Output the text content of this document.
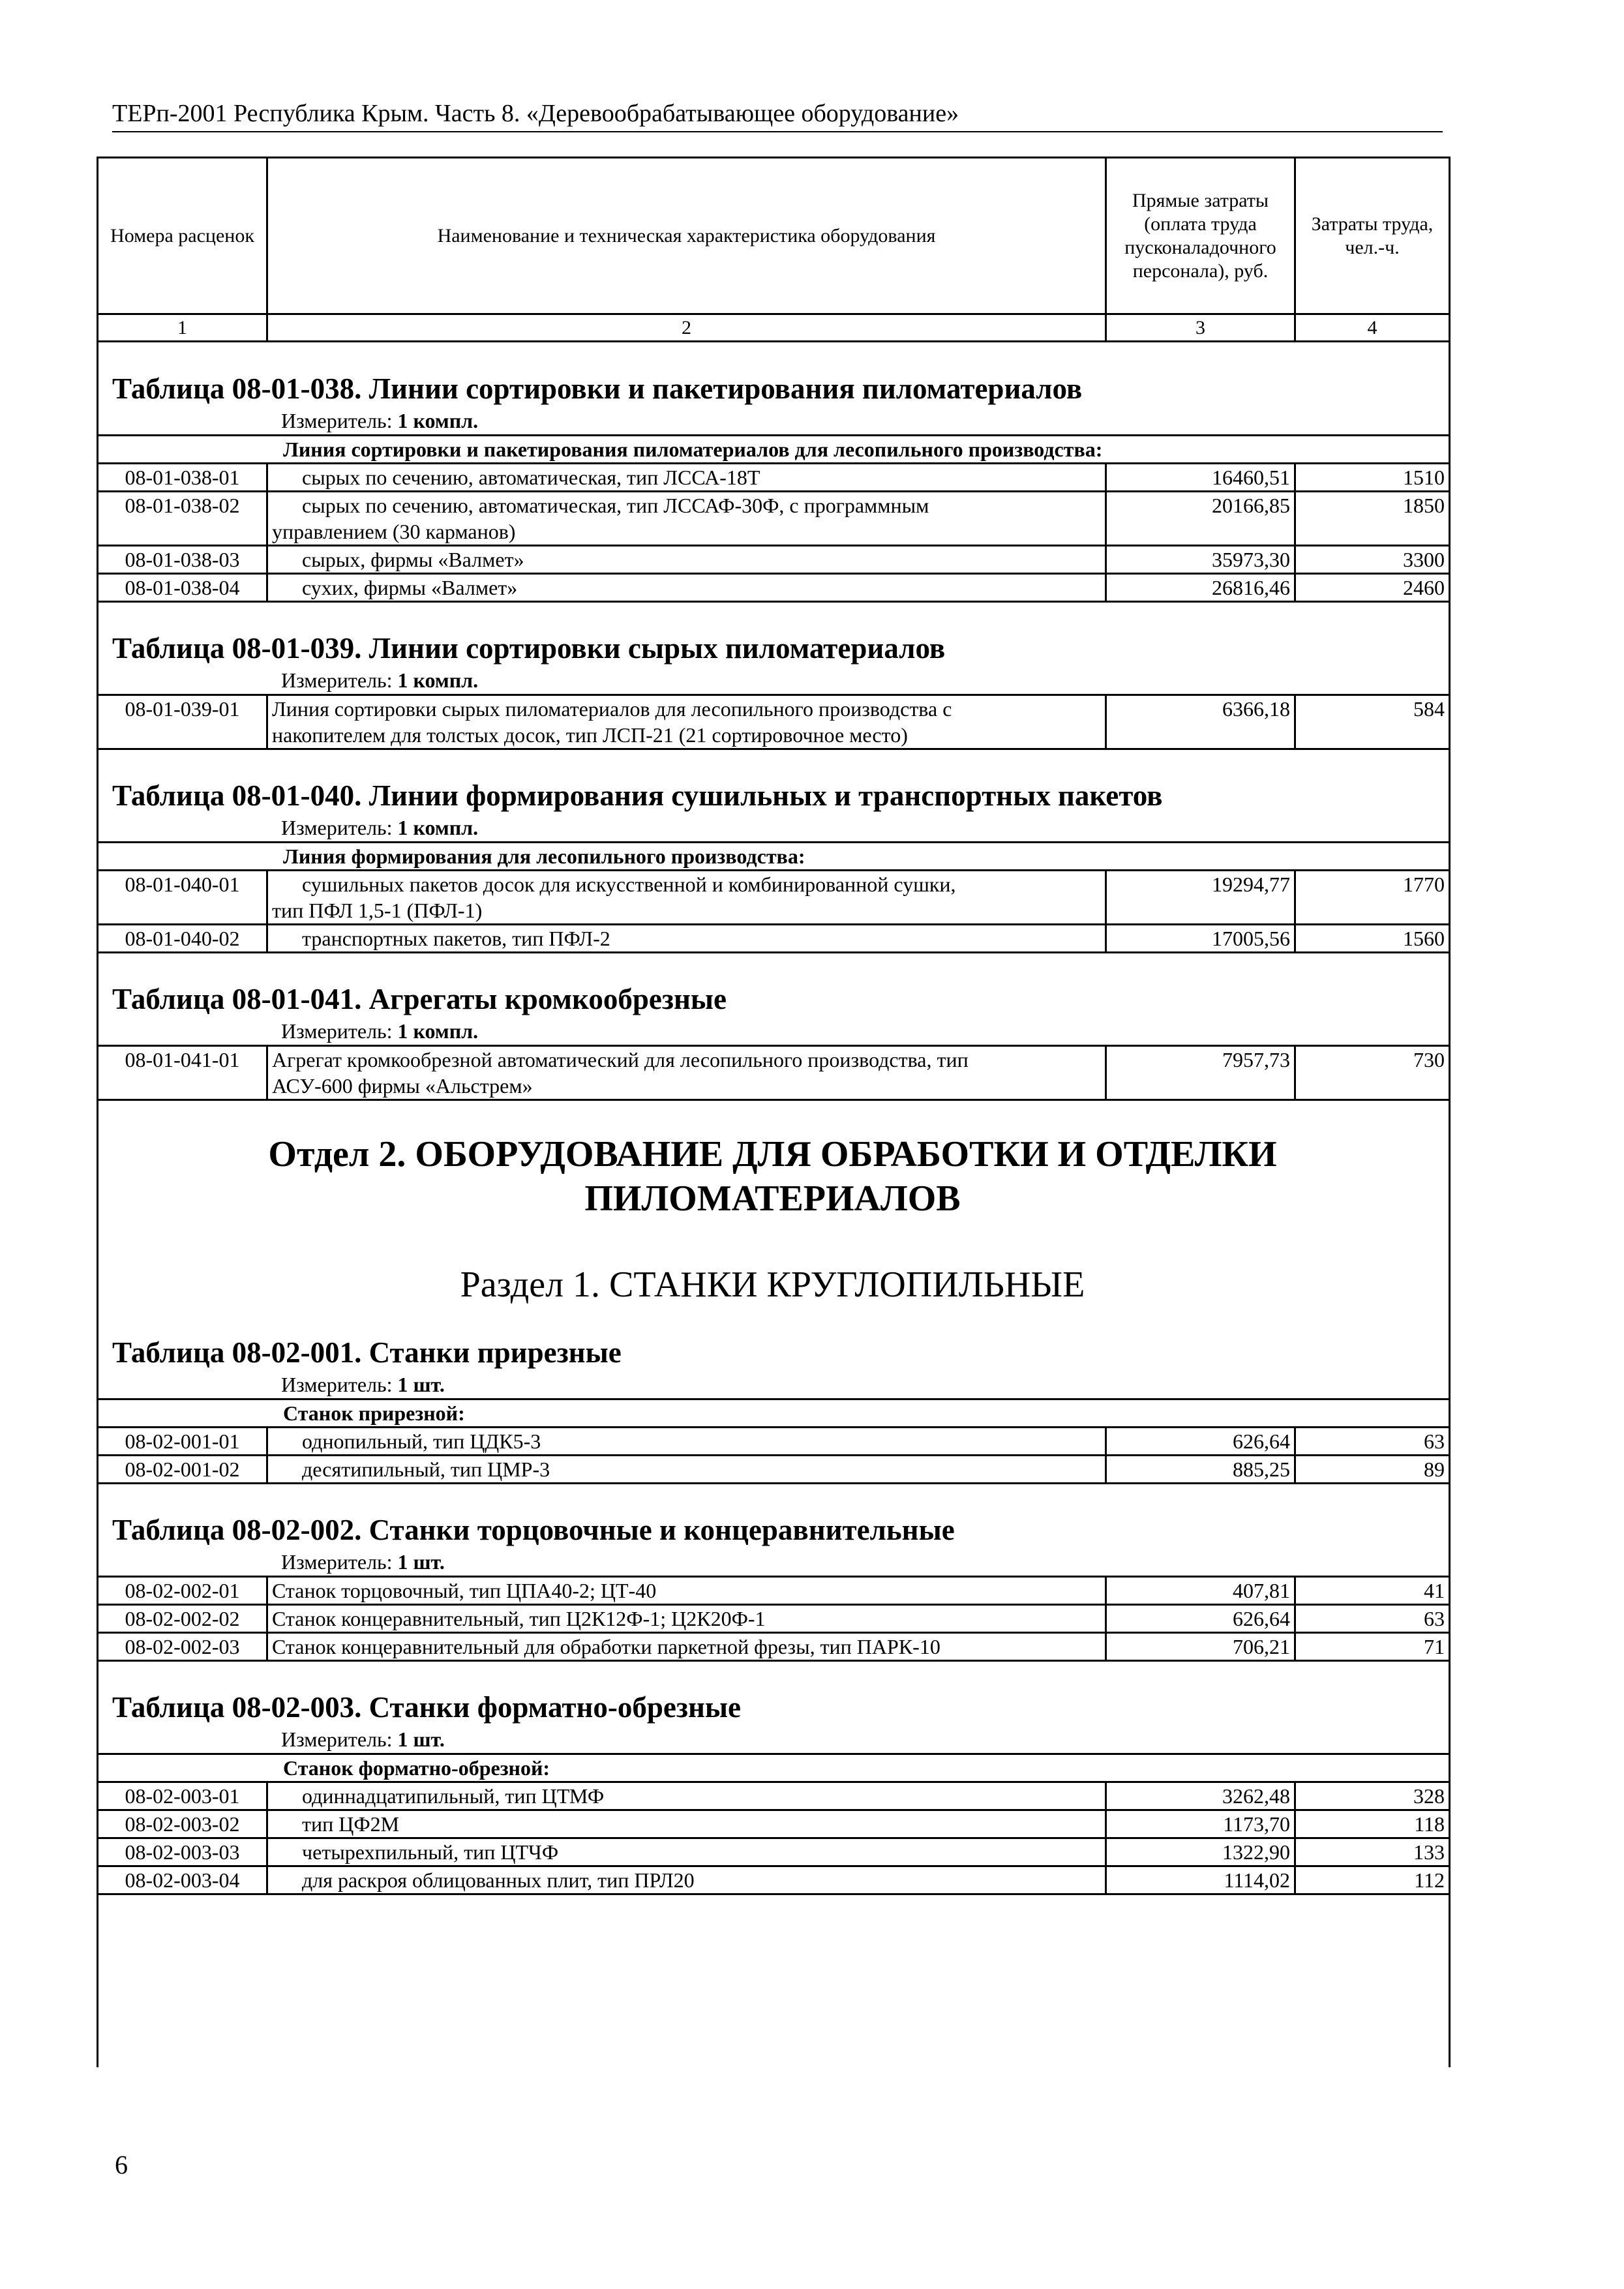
ТЕРп-2001 Республика Крым. Часть 8. «Деревообрабатывающее оборудование»
Номера расценок	Наименование и техническая характеристика оборудования	Прямые затраты (оплата труда пусконаладочного персонала), руб.	Затраты труда, чел.-ч.
1	2	3	4
Таблица 08-01-038. Линии сортировки и пакетирования пиломатериалов
Измеритель: 1 компл.
Линия сортировки и пакетирования пиломатериалов для лесопильного производства:			
08-01-038-01	сырых по сечению, автоматическая, тип ЛССА-18Т	16460,51	1510
08-01-038-02	сырых по сечению, автоматическая, тип ЛССАФ-30Ф, с программным
управлением (30 карманов)	20166,85	1850
08-01-038-03	сырых, фирмы «Валмет»	35973,30	3300
08-01-038-04	сухих, фирмы «Валмет»	26816,46	2460
Таблица 08-01-039. Линии сортировки сырых пиломатериалов
Измеритель: 1 компл.
08-01-039-01	Линия сортировки сырых пиломатериалов для лесопильного производства с
накопителем для толстых досок, тип ЛСП-21 (21 сортировочное место)	6366,18	584
Таблица 08-01-040. Линии формирования сушильных и транспортных пакетов
Измеритель: 1 компл.
Линия формирования для лесопильного производства:			
08-01-040-01	сушильных пакетов досок для искусственной и комбинированной сушки,
тип ПФЛ 1,5-1 (ПФЛ-1)	19294,77	1770
08-01-040-02	транспортных пакетов, тип ПФЛ-2	17005,56	1560
Таблица 08-01-041. Агрегаты кромкообрезные
Измеритель: 1 компл.
08-01-041-01	Агрегат кромкообрезной автоматический для лесопильного производства, тип
АСУ-600 фирмы «Альстрем»	7957,73	730
Отдел 2. ОБОРУДОВАНИЕ ДЛЯ ОБРАБОТКИ И ОТДЕЛКИ
ПИЛОМАТЕРИАЛОВ
Раздел 1. СТАНКИ КРУГЛОПИЛЬНЫЕ
Таблица 08-02-001. Станки прирезные
Измеритель: 1 шт.
Станок прирезной:			
08-02-001-01	однопильный, тип ЦДК5-3	626,64	63
08-02-001-02	десятипильный, тип ЦМР-3	885,25	89
Таблица 08-02-002. Станки торцовочные и концеравнительные
Измеритель: 1 шт.
08-02-002-01	Станок торцовочный, тип ЦПА40-2; ЦТ-40	407,81	41
08-02-002-02	Станок концеравнительный, тип Ц2К12Ф-1; Ц2К20Ф-1	626,64	63
08-02-002-03	Станок концеравнительный для обработки паркетной фрезы, тип ПАРК-10	706,21	71
Таблица 08-02-003. Станки форматно-обрезные
Измеритель: 1 шт.
Станок форматно-обрезной:			
08-02-003-01	одиннадцатипильный, тип ЦТМФ	3262,48	328
08-02-003-02	тип ЦФ2М	1173,70	118
08-02-003-03	четырехпильный, тип ЦТЧФ	1322,90	133
08-02-003-04	для раскроя облицованных плит, тип ПРЛ20	1114,02	112
6
